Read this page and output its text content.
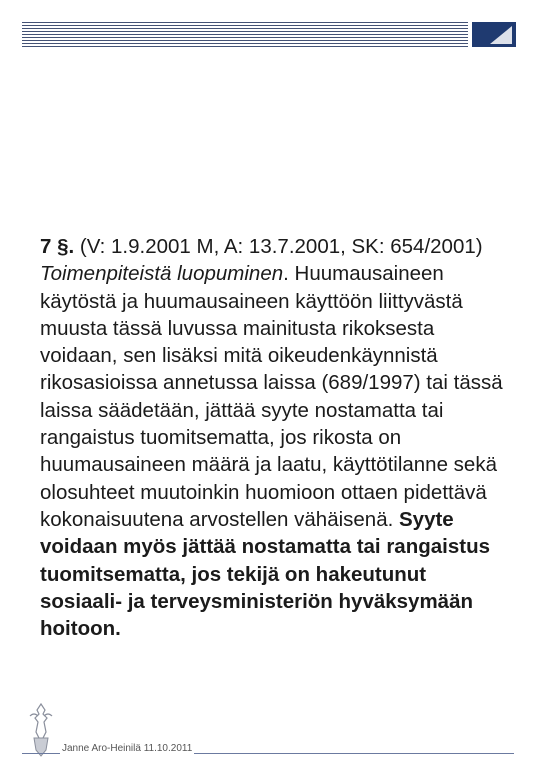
7 §. (V: 1.9.2001 M, A: 13.7.2001, SK: 654/2001) Toimenpiteistä luopuminen. Huumausaineen käytöstä ja huumausaineen käyttöön liittyvästä muusta tässä luvussa mainitusta rikoksesta voidaan, sen lisäksi mitä oikeudenkäynnistä rikosasioissa annetussa laissa (689/1997) tai tässä laissa säädetään, jättää syyte nostamatta tai rangaistus tuomitsematta, jos rikosta on huumausaineen määrä ja laatu, käyttötilanne sekä olosuhteet muutoinkin huomioon ottaen pidettävä kokonaisuutena arvostellen vähäisenä. Syyte voidaan myös jättää nostamatta tai rangaistus tuomitsematta, jos tekijä on hakeutunut sosiaali- ja terveysministeriön hyväksymään hoitoon.
Janne Aro-Heinilä 11.10.2011
